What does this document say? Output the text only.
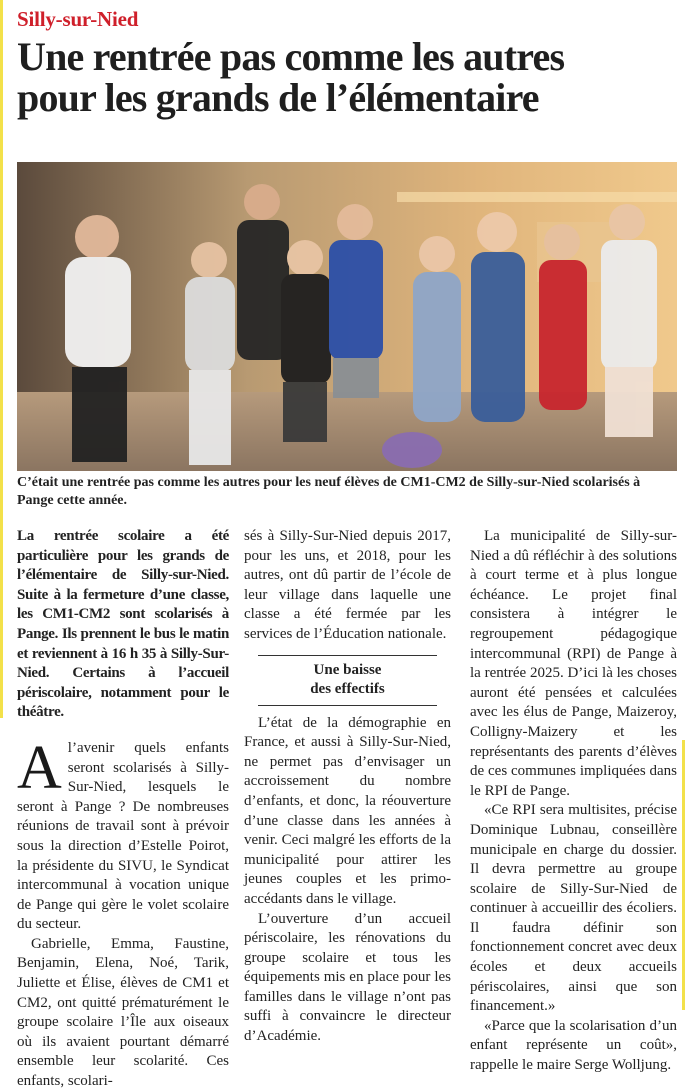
Silly-sur-Nied
Une rentrée pas comme les autres
pour les grands de l’élémentaire

C’était une rentrée pas comme les autres pour les neuf élèves de CM1-CM2 de Silly-sur-Nied scolarisés à Pange cette année.

La rentrée scolaire a été particulière pour les grands de l’élémentaire de Silly-sur-Nied. Suite à la fermeture d’une classe, les CM1-CM2 sont scolarisés à Pange. Ils prennent le bus le matin et reviennent à 16 h 35 à Silly-Sur-Nied. Certains à l’accueil périscolaire, notamment pour le théâtre.

Al’avenir quels enfants seront scolarisés à Silly-Sur-Nied, lesquels le seront à Pange ? De nombreuses réunions de travail sont à prévoir sous la direction d’Estelle Poirot, la présidente du SIVU, le Syndicat intercommunal à vocation unique de Pange qui gère le volet scolaire du secteur.

Gabrielle, Emma, Faustine, Benjamin, Elena, Noé, Tarik, Juliette et Élise, élèves de CM1 et CM2, ont quitté prématurément le groupe scolaire l’Île aux oiseaux où ils avaient pourtant démarré ensemble leur scolarité. Ces enfants, scolari-

sés à Silly-Sur-Nied depuis 2017, pour les uns, et 2018, pour les autres, ont dû partir de l’école de leur village dans laquelle une classe a été fermée par les services de l’Éducation nationale.

Une baisse
des effectifs

L’état de la démographie en France, et aussi à Silly-Sur-Nied, ne permet pas d’envisager un accroissement du nombre d’enfants, et donc, la réouverture d’une classe dans les années à venir. Ceci malgré les efforts de la municipalité pour attirer les jeunes couples et les primo-accédants dans le village.

L’ouverture d’un accueil périscolaire, les rénovations du groupe scolaire et tous les équipements mis en place pour les familles dans le village n’ont pas suffi à convaincre le directeur d’Académie.

La municipalité de Silly-sur-Nied a dû réfléchir à des solutions à court terme et à plus longue échéance. Le projet final consistera à intégrer le regroupement pédagogique intercommunal (RPI) de Pange à la rentrée 2025. D’ici là les choses auront été pensées et calculées avec les élus de Pange, Maizeroy, Colligny-Maizery et les représentants des parents d’élèves de ces communes impliquées dans le RPI de Pange.

«Ce RPI sera multisites, précise Dominique Lubnau, conseillère municipale en charge du dossier. Il devra permettre au groupe scolaire de Silly-Sur-Nied de continuer à accueillir des écoliers. Il faudra définir son fonctionnement concret avec deux écoles et deux accueils périscolaires, ainsi que son financement.»

«Parce que la scolarisation d’un enfant représente un coût», rappelle le maire Serge Wolljung.
